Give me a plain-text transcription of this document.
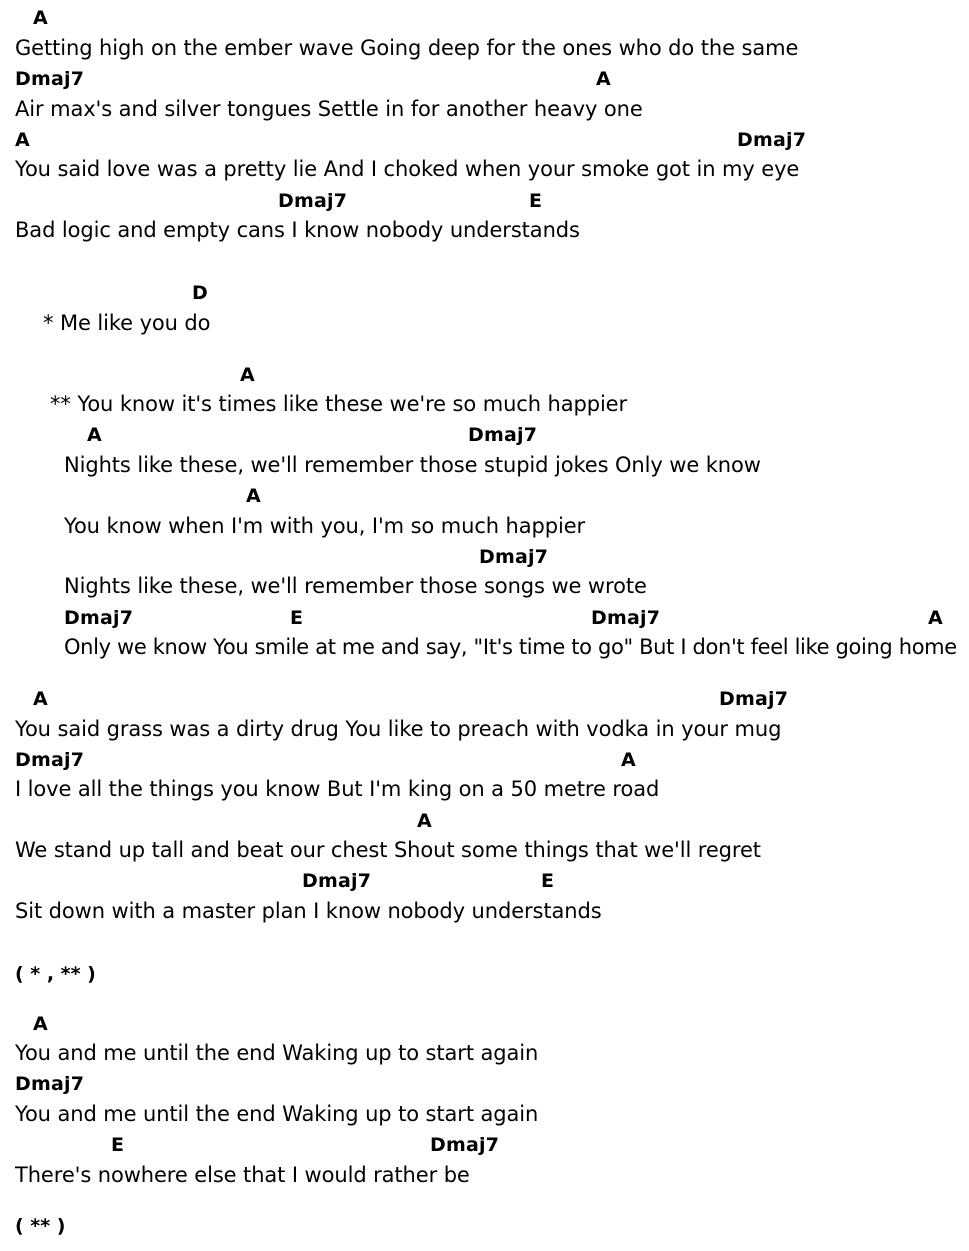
A
Getting high on the ember wave Going deep for the ones who do the same
Dmaj7	A
Air max's and silver tongues Settle in for another heavy one
A	Dmaj7
You said love was a pretty lie And I choked when your smoke got in my eye
Dmaj7	E
Bad logic and empty cans I know nobody understands
D
* Me like you do
A
** You know it's times like these we're so much happier
A	Dmaj7
Nights like these, we'll remember those stupid jokes Only we know
A
You know when I'm with you, I'm so much happier
Dmaj7
Nights like these, we'll remember those songs we wrote
Dmaj7	E	Dmaj7	A
Only we know You smile at me and say, "It's time to go" But I don't feel like going home
A	Dmaj7
You said grass was a dirty drug You like to preach with vodka in your mug
Dmaj7	A
I love all the things you know But I'm king on a 50 metre road
A
We stand up tall and beat our chest Shout some things that we'll regret
Dmaj7	E
Sit down with a master plan I know nobody understands
( * , ** )
A
You and me until the end Waking up to start again
Dmaj7
You and me until the end Waking up to start again
E	Dmaj7
There's nowhere else that I would rather be
( ** )
